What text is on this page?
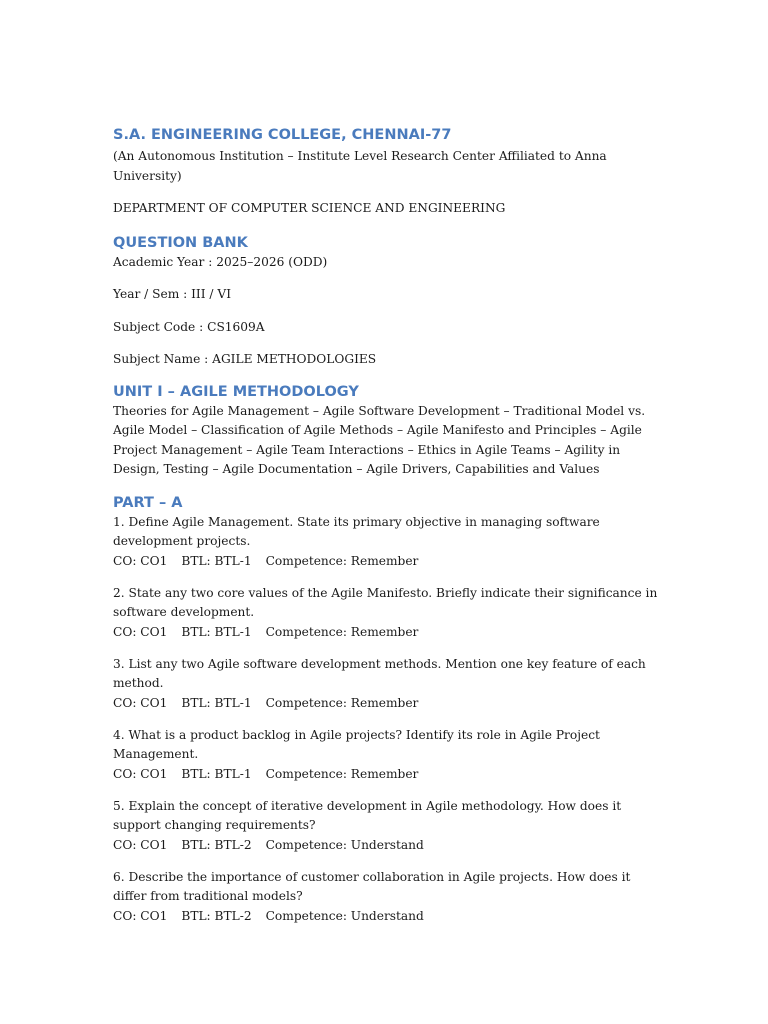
S.A. ENGINEERING COLLEGE, CHENNAI-77

(An Autonomous Institution – Institute Level Research Center Affiliated to Anna University)

DEPARTMENT OF COMPUTER SCIENCE AND ENGINEERING

QUESTION BANK

Academic Year : 2025–2026 (ODD)

Year / Sem : III / VI

Subject Code : CS1609A

Subject Name : AGILE METHODOLOGIES

UNIT I – AGILE METHODOLOGY

Theories for Agile Management – Agile Software Development – Traditional Model vs. Agile Model – Classification of Agile Methods – Agile Manifesto and Principles – Agile Project Management – Agile Team Interactions – Ethics in Agile Teams – Agility in Design, Testing – Agile Documentation – Agile Drivers, Capabilities and Values

PART – A

1. Define Agile Management. State its primary objective in managing software development projects.

CO: CO1 BTL: BTL-1 Competence: Remember

2. State any two core values of the Agile Manifesto. Briefly indicate their significance in software development.

CO: CO1 BTL: BTL-1 Competence: Remember

3. List any two Agile software development methods. Mention one key feature of each method.

CO: CO1 BTL: BTL-1 Competence: Remember

4. What is a product backlog in Agile projects? Identify its role in Agile Project Management.

CO: CO1 BTL: BTL-1 Competence: Remember

5. Explain the concept of iterative development in Agile methodology. How does it support changing requirements?

CO: CO1 BTL: BTL-2 Competence: Understand

6. Describe the importance of customer collaboration in Agile projects. How does it differ from traditional models?

CO: CO1 BTL: BTL-2 Competence: Understand
